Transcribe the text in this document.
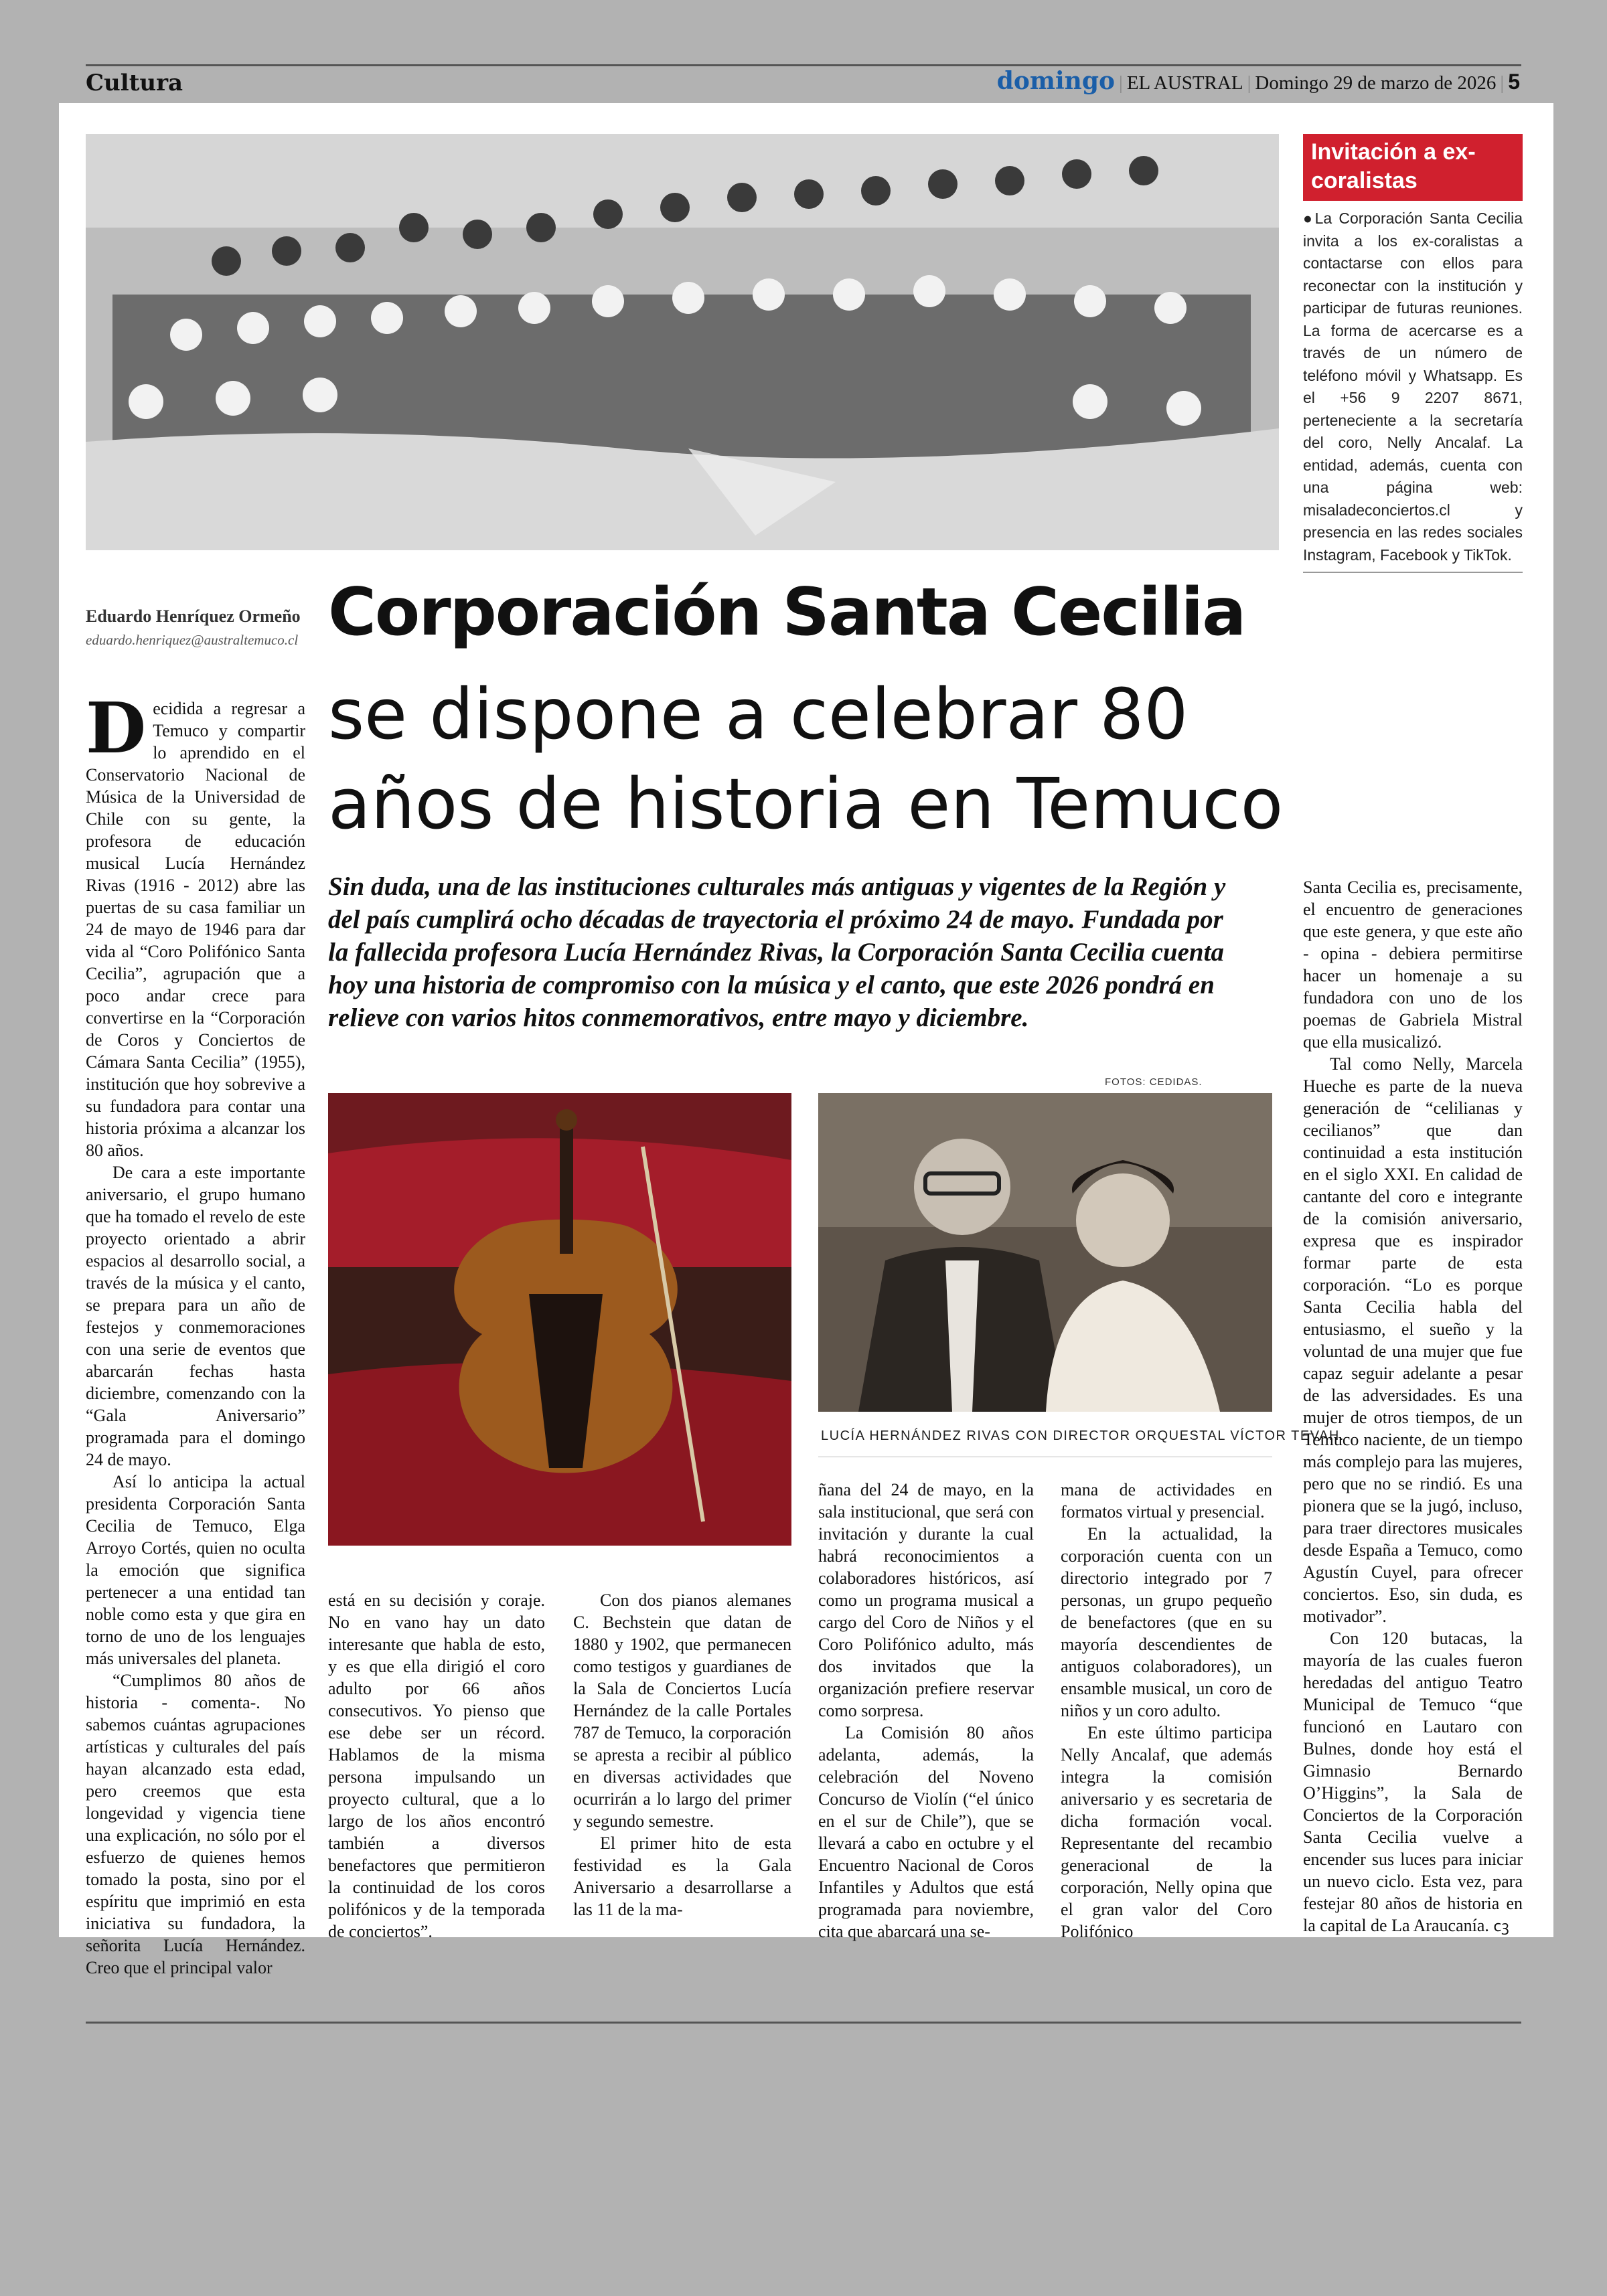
Cultura	domingo | EL AUSTRAL | Domingo 29 de marzo de 2026 | 5
Invitación a ex-coralistas
●La Corporación Santa Cecilia invita a los ex-coralistas a contactarse con ellos para reconectar con la institución y participar de futuras reuniones. La forma de acercarse es a través de un número de teléfono móvil y Whatsapp. Es el +56 9 2207 8671, perteneciente a la secretaría del coro, Nelly Ancalaf. La entidad, además, cuenta con una página web: misaladeconciertos.cl y presencia en las redes sociales Instagram, Facebook y TikTok.
Eduardo Henríquez Ormeño
eduardo.henriquez@australtemuco.cl Corporación Santa Cecilia
se dispone a celebrar 80 años de historia en Temuco
Sin duda, una de las instituciones culturales más antiguas y vigentes de la Región y del país cumplirá ocho décadas de trayectoria el próximo 24 de mayo. Fundada por la fallecida profesora Lucía Hernández Rivas, la Corporación Santa Cecilia cuenta hoy una historia de compromiso con la música y el canto, que este 2026 pondrá en relieve con varios hitos conmemorativos, entre mayo y diciembre.

Decidida a regresar a Temuco y compartir lo aprendido en el Conservatorio Nacional de Música de la Universidad de Chile con su gente, la profesora de educación musical Lucía Hernández Rivas (1916 - 2012) abre las puertas de su casa familiar un 24 de mayo de 1946 para dar vida al “Coro Polifónico Santa Cecilia”, agrupación que a poco andar crece para convertirse en la “Corporación de Coros y Conciertos de Cámara Santa Cecilia” (1955), institución que hoy sobrevive a su fundadora para contar una historia próxima a alcanzar los 80 años.

De cara a este importante aniversario, el grupo humano que ha tomado el revelo de este proyecto orientado a abrir espacios al desarrollo social, a través de la música y el canto, se prepara para un año de festejos y conmemoraciones con una serie de eventos que abarcarán fechas hasta diciembre, comenzando con la “Gala Aniversario” programada para el domingo 24 de mayo.

Así lo anticipa la actual presidenta Corporación Santa Cecilia de Temuco, Elga Arroyo Cortés, quien no oculta la emoción que significa pertenecer a una entidad tan noble como esta y que gira en torno de uno de los lenguajes más universales del planeta.

“Cumplimos 80 años de historia - comenta-. No sabemos cuántas agrupaciones artísticas y culturales del país hayan alcanzado esta edad, pero creemos que esta longevidad y vigencia tiene una explicación, no sólo por el esfuerzo de quienes hemos tomado la posta, sino por el espíritu que imprimió en esta iniciativa su fundadora, la señorita Lucía Hernández. Creo que el principal valor

FOTOS: CEDIDAS.
LUCÍA HERNÁNDEZ RIVAS CON DIRECTOR ORQUESTAL VÍCTOR TEVAH.

está en su decisión y coraje. No en vano hay un dato interesante que habla de esto, y es que ella dirigió el coro adulto por 66 años consecutivos. Yo pienso que ese debe ser un récord. Hablamos de la misma persona impulsando un proyecto cultural, que a lo largo de los años encontró también a diversos benefactores que permitieron la continuidad de los coros polifónicos y de la temporada de conciertos”.

Con dos pianos alemanes C. Bechstein que datan de 1880 y 1902, que permanecen como testigos y guardianes de la Sala de Conciertos Lucía Hernández de la calle Portales 787 de Temuco, la corporación se apresta a recibir al público en diversas actividades que ocurrirán a lo largo del primer y segundo semestre.

El primer hito de esta festividad es la Gala Aniversario a desarrollarse a las 11 de la ma-

ñana del 24 de mayo, en la sala institucional, que será con invitación y durante la cual habrá reconocimientos a colaboradores históricos, así como un programa musical a cargo del Coro de Niños y el Coro Polifónico adulto, más dos invitados que la organización prefiere reservar como sorpresa.

La Comisión 80 años adelanta, además, la celebración del Noveno Concurso de Violín (“el único en el sur de Chile”), que se llevará a cabo en octubre y el Encuentro Nacional de Coros Infantiles y Adultos que está programada para noviembre, cita que abarcará una se-

mana de actividades en formatos virtual y presencial.

En la actualidad, la corporación cuenta con un directorio integrado por 7 personas, un grupo pequeño de benefactores (que en su mayoría descendientes de antiguos colaboradores), un ensamble musical, un coro de niños y un coro adulto.

En este último participa Nelly Ancalaf, que además integra la comisión aniversario y es secretaria de dicha formación vocal. Representante del recambio generacional de la corporación, Nelly opina que el gran valor del Coro Polifónico

Santa Cecilia es, precisamente, el encuentro de generaciones que este genera, y que este año - opina - debiera permitirse hacer un homenaje a su fundadora con uno de los poemas de Gabriela Mistral que ella musicalizó.

Tal como Nelly, Marcela Hueche es parte de la nueva generación de “celilianas y cecilianos” que dan continuidad a esta institución en el siglo XXI. En calidad de cantante del coro e integrante de la comisión aniversario, expresa que es inspirador formar parte de esta corporación. “Lo es porque Santa Cecilia habla del entusiasmo, el sueño y la voluntad de una mujer que fue capaz seguir adelante a pesar de las adversidades. Es una mujer de otros tiempos, de un Temuco naciente, de un tiempo más complejo para las mujeres, pero que no se rindió. Es una pionera que se la jugó, incluso, para traer directores musicales desde España a Temuco, como Agustín Cuyel, para ofrecer conciertos. Eso, sin duda, es motivador”.

Con 120 butacas, la mayoría de las cuales fueron heredadas del antiguo Teatro Municipal de Temuco “que funcionó en Lautaro con Bulnes, donde hoy está el Gimnasio Bernardo O’Higgins”, la Sala de Conciertos de la Corporación Santa Cecilia vuelve a encender sus luces para iniciar un nuevo ciclo. Esta vez, para festejar 80 años de historia en la capital de La Araucanía. ᴄꝫ
